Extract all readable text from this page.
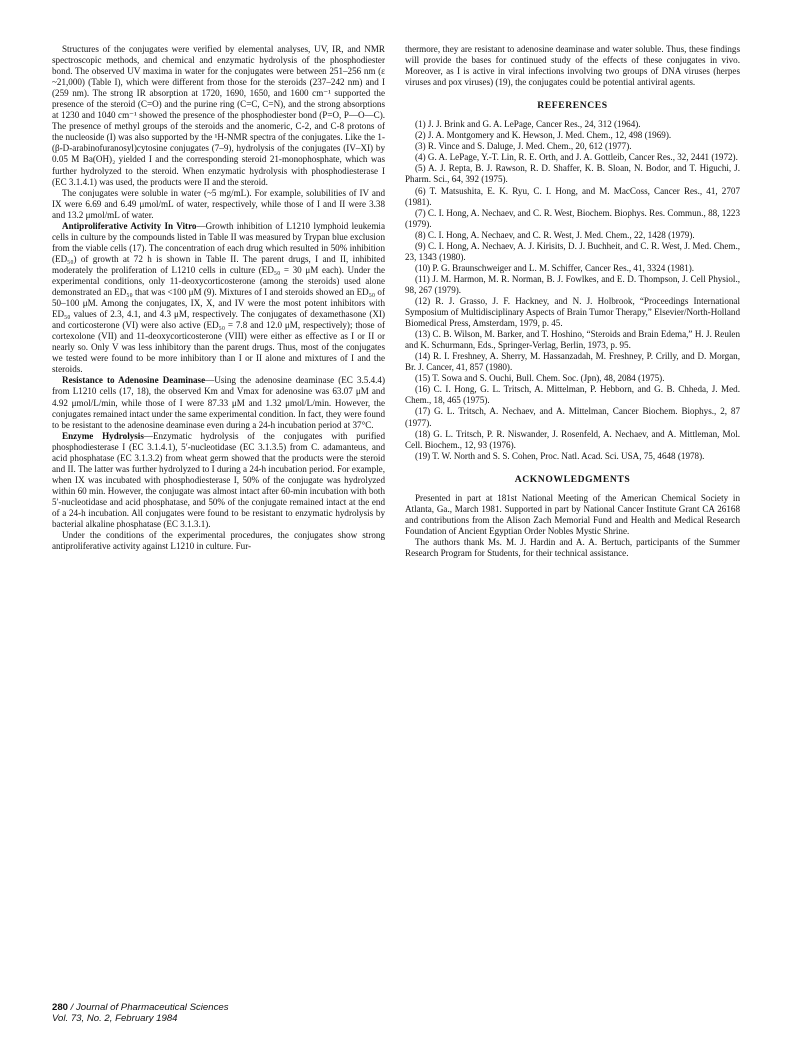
Structures of the conjugates were verified by elemental analyses, UV, IR, and NMR spectroscopic methods, and chemical and enzymatic hydrolysis of the phosphodiester bond. The observed UV maxima in water for the conjugates were between 251–256 nm (ε ~21,000) (Table I), which were different from those for the steroids (237–242 nm) and I (259 nm). The strong IR absorption at 1720, 1690, 1650, and 1600 cm⁻¹ supported the presence of the steroid (C=O) and the purine ring (C=C, C=N), and the strong absorptions at 1230 and 1040 cm⁻¹ showed the presence of the phosphodiester bond (P=O, P—O—C). The presence of methyl groups of the steroids and the anomeric, C-2, and C-8 protons of the nucleoside (I) was also supported by the ¹H-NMR spectra of the conjugates. Like the 1-(β-D-arabinofuranosyl)cytosine conjugates (7–9), hydrolysis of the conjugates (IV–XI) by 0.05 M Ba(OH)₂ yielded I and the corresponding steroid 21-monophosphate, which was further hydrolyzed to the steroid. When enzymatic hydrolysis with phosphodiesterase I (EC 3.1.4.1) was used, the products were II and the steroid.

The conjugates were soluble in water (~5 mg/mL). For example, solubilities of IV and IX were 6.69 and 6.49 μmol/mL of water, respectively, while those of I and II were 3.38 and 13.2 μmol/mL of water.

Antiproliferative Activity In Vitro—Growth inhibition of L1210 lymphoid leukemia cells in culture by the compounds listed in Table II was measured by Trypan blue exclusion from the viable cells (17). The concentration of each drug which resulted in 50% inhibition (ED₅₀) of growth at 72 h is shown in Table II. The parent drugs, I and II, inhibited moderately the proliferation of L1210 cells in culture (ED₅₀ = 30 μM each). Under the experimental conditions, only 11-deoxycorticosterone (among the steroids) used alone demonstrated an ED₅₀ that was <100 μM (9). Mixtures of I and steroids showed an ED₅₀ of 50–100 μM. Among the conjugates, IX, X, and IV were the most potent inhibitors with ED₅₀ values of 2.3, 4.1, and 4.3 μM, respectively. The conjugates of dexamethasone (XI) and corticosterone (VI) were also active (ED₅₀ = 7.8 and 12.0 μM, respectively); those of cortexolone (VII) and 11-deoxycorticosterone (VIII) were either as effective as I or II or nearly so. Only V was less inhibitory than the parent drugs. Thus, most of the conjugates we tested were found to be more inhibitory than I or II alone and mixtures of I and the steroids.

Resistance to Adenosine Deaminase—Using the adenosine deaminase (EC 3.5.4.4) from L1210 cells (17, 18), the observed Km and Vmax for adenosine was 63.07 μM and 4.92 μmol/L/min, while those of I were 87.33 μM and 1.32 μmol/L/min. However, the conjugates remained intact under the same experimental condition. In fact, they were found to be resistant to the adenosine deaminase even during a 24-h incubation period at 37°C.

Enzyme Hydrolysis—Enzymatic hydrolysis of the conjugates with purified phosphodiesterase I (EC 3.1.4.1), 5′-nucleotidase (EC 3.1.3.5) from C. adamanteus, and acid phosphatase (EC 3.1.3.2) from wheat germ showed that the products were the steroid and II. The latter was further hydrolyzed to I during a 24-h incubation period. For example, when IX was incubated with phosphodiesterase I, 50% of the conjugate was hydrolyzed within 60 min. However, the conjugate was almost intact after 60-min incubation with both 5′-nucleotidase and acid phosphatase, and 50% of the conjugate remained intact at the end of a 24-h incubation. All conjugates were found to be resistant to enzymatic hydrolysis by bacterial alkaline phosphatase (EC 3.1.3.1).

Under the conditions of the experimental procedures, the conjugates show strong antiproliferative activity against L1210 in culture. Fur-

thermore, they are resistant to adenosine deaminase and water soluble. Thus, these findings will provide the bases for continued study of the effects of these conjugates in vivo. Moreover, as I is active in viral infections involving two groups of DNA viruses (herpes viruses and pox viruses) (19), the conjugates could be potential antiviral agents.

REFERENCES

(1) J. J. Brink and G. A. LePage, Cancer Res., 24, 312 (1964).

(2) J. A. Montgomery and K. Hewson, J. Med. Chem., 12, 498 (1969).

(3) R. Vince and S. Daluge, J. Med. Chem., 20, 612 (1977).

(4) G. A. LePage, Y.-T. Lin, R. E. Orth, and J. A. Gottleib, Cancer Res., 32, 2441 (1972).

(5) A. J. Repta, B. J. Rawson, R. D. Shaffer, K. B. Sloan, N. Bodor, and T. Higuchi, J. Pharm. Sci., 64, 392 (1975).

(6) T. Matsushita, E. K. Ryu, C. I. Hong, and M. MacCoss, Cancer Res., 41, 2707 (1981).

(7) C. I. Hong, A. Nechaev, and C. R. West, Biochem. Biophys. Res. Commun., 88, 1223 (1979).

(8) C. I. Hong, A. Nechaev, and C. R. West, J. Med. Chem., 22, 1428 (1979).

(9) C. I. Hong, A. Nechaev, A. J. Kirisits, D. J. Buchheit, and C. R. West, J. Med. Chem., 23, 1343 (1980).

(10) P. G. Braunschweiger and L. M. Schiffer, Cancer Res., 41, 3324 (1981).

(11) J. M. Harmon, M. R. Norman, B. J. Fowlkes, and E. D. Thompson, J. Cell Physiol., 98, 267 (1979).

(12) R. J. Grasso, J. F. Hackney, and N. J. Holbrook, “Proceedings International Symposium of Multidisciplinary Aspects of Brain Tumor Therapy,” Elsevier/North-Holland Biomedical Press, Amsterdam, 1979, p. 45.

(13) C. B. Wilson, M. Barker, and T. Hoshino, “Steroids and Brain Edema,” H. J. Reulen and K. Schurmann, Eds., Springer-Verlag, Berlin, 1973, p. 95.

(14) R. I. Freshney, A. Sherry, M. Hassanzadah, M. Freshney, P. Crilly, and D. Morgan, Br. J. Cancer, 41, 857 (1980).

(15) T. Sowa and S. Ouchi, Bull. Chem. Soc. (Jpn), 48, 2084 (1975).

(16) C. I. Hong, G. L. Tritsch, A. Mittelman, P. Hebborn, and G. B. Chheda, J. Med. Chem., 18, 465 (1975).

(17) G. L. Tritsch, A. Nechaev, and A. Mittelman, Cancer Biochem. Biophys., 2, 87 (1977).

(18) G. L. Tritsch, P. R. Niswander, J. Rosenfeld, A. Nechaev, and A. Mittleman, Mol. Cell. Biochem., 12, 93 (1976).

(19) T. W. North and S. S. Cohen, Proc. Natl. Acad. Sci. USA, 75, 4648 (1978).

ACKNOWLEDGMENTS

Presented in part at 181st National Meeting of the American Chemical Society in Atlanta, Ga., March 1981. Supported in part by National Cancer Institute Grant CA 26168 and contributions from the Alison Zach Memorial Fund and Health and Medical Research Foundation of Ancient Egyptian Order Nobles Mystic Shrine.

The authors thank Ms. M. J. Hardin and A. A. Bertuch, participants of the Summer Research Program for Students, for their technical assistance.

280 / Journal of Pharmaceutical Sciences
Vol. 73, No. 2, February 1984
